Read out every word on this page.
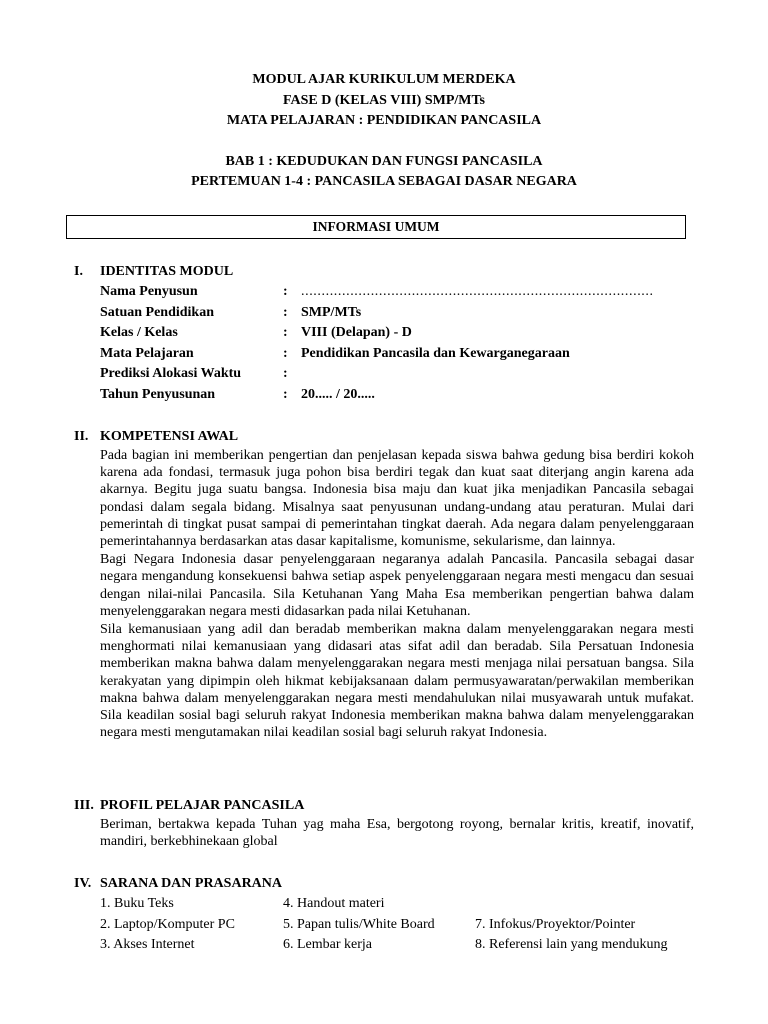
MODUL AJAR KURIKULUM MERDEKA
FASE D (KELAS VIII) SMP/MTs
MATA PELAJARAN : PENDIDIKAN PANCASILA
BAB 1 : KEDUDUKAN DAN FUNGSI PANCASILA
PERTEMUAN 1-4 : PANCASILA SEBAGAI DASAR NEGARA
INFORMASI UMUM
I. IDENTITAS MODUL
Nama Penyusun	: ......................................................................................
Satuan Pendidikan	: SMP/MTs
Kelas / Kelas	: VIII (Delapan) - D
Mata Pelajaran	: Pendidikan Pancasila dan Kewarganegaraan
Prediksi Alokasi Waktu	:
Tahun Penyusunan	: 20..... / 20.....
II. KOMPETENSI AWAL

Pada bagian ini memberikan pengertian dan penjelasan kepada siswa bahwa gedung bisa berdiri kokoh karena ada fondasi, termasuk juga pohon bisa berdiri tegak dan kuat saat diterjang angin karena ada akarnya. Begitu juga suatu bangsa. Indonesia bisa maju dan kuat jika menjadikan Pancasila sebagai pondasi dalam segala bidang. Misalnya saat penyusunan undang-undang atau peraturan. Mulai dari pemerintah di tingkat pusat sampai di pemerintahan tingkat daerah. Ada negara dalam penyelenggaraan pemerintahannya berdasarkan atas dasar kapitalisme, komunisme, sekularisme, dan lainnya.

Bagi Negara Indonesia dasar penyelenggaraan negaranya adalah Pancasila. Pancasila sebagai dasar negara mengandung konsekuensi bahwa setiap aspek penyelenggaraan negara mesti mengacu dan sesuai dengan nilai-nilai Pancasila. Sila Ketuhanan Yang Maha Esa memberikan pengertian bahwa dalam menyelenggarakan negara mesti didasarkan pada nilai Ketuhanan.

Sila kemanusiaan yang adil dan beradab memberikan makna dalam menyelenggarakan negara mesti menghormati nilai kemanusiaan yang didasari atas sifat adil dan beradab. Sila Persatuan Indonesia memberikan makna bahwa dalam menyelenggarakan negara mesti menjaga nilai persatuan bangsa. Sila kerakyatan yang dipimpin oleh hikmat kebijaksanaan dalam permusyawaratan/perwakilan memberikan makna bahwa dalam menyelenggarakan negara mesti mendahulukan nilai musyawarah untuk mufakat. Sila keadilan sosial bagi seluruh rakyat Indonesia memberikan makna bahwa dalam menyelenggarakan negara mesti mengutamakan nilai keadilan sosial bagi seluruh rakyat Indonesia.

III. PROFIL PELAJAR PANCASILA

Beriman, bertakwa kepada Tuhan yag maha Esa, bergotong royong, bernalar kritis, kreatif, inovatif, mandiri, berkebhinekaan global

IV. SARANA DAN PRASARANA
1. Buku Teks	4. Handout materi
2. Laptop/Komputer PC	5. Papan tulis/White Board	7. Infokus/Proyektor/Pointer
3. Akses Internet	6. Lembar kerja	8. Referensi lain yang mendukung
